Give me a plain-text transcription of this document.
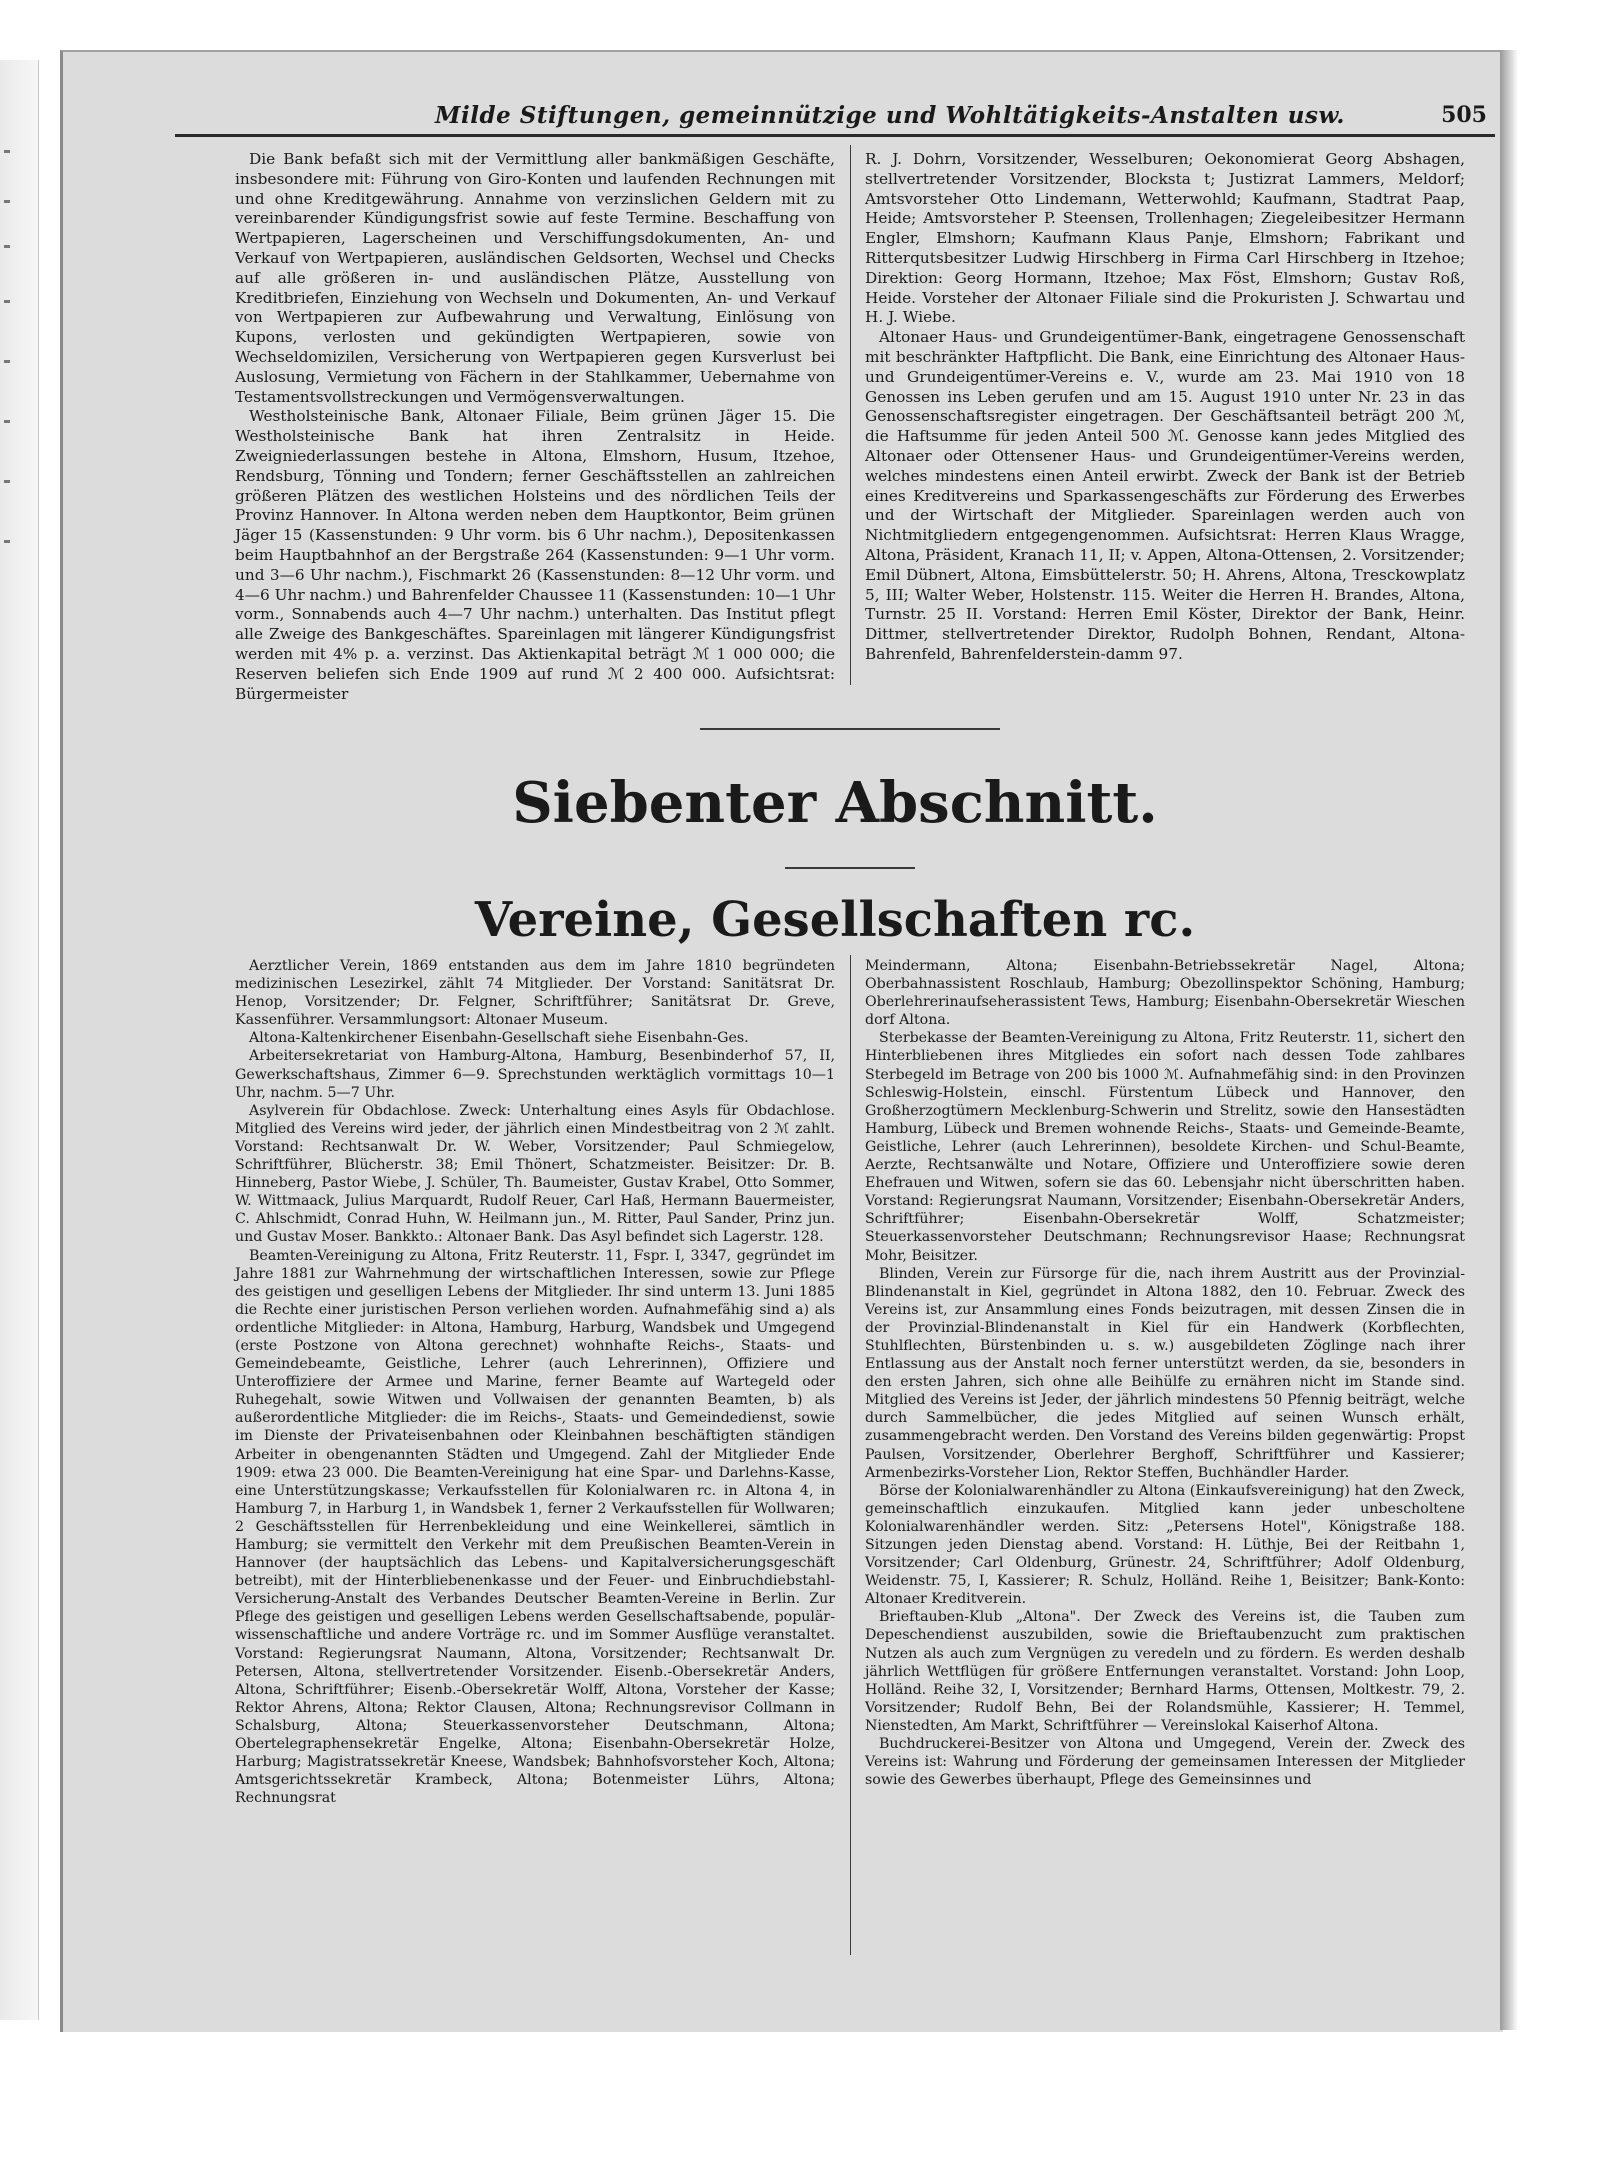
Milde Stiftungen, gemeinnützige und Wohltätigkeits-Anstalten usw.	505

Die Bank befaßt sich mit der Vermittlung aller bankmäßigen Geschäfte, insbesondere mit: Führung von Giro-Konten und laufenden Rechnungen mit und ohne Kreditgewährung. Annahme von verzinslichen Geldern mit zu vereinbarender Kündigungsfrist sowie auf feste Termine. Beschaffung von Wertpapieren, Lagerscheinen und Verschiffungsdokumenten, An- und Verkauf von Wertpapieren, ausländischen Geldsorten, Wechsel und Checks auf alle größeren in- und ausländischen Plätze, Ausstellung von Kreditbriefen, Einziehung von Wechseln und Dokumenten, An- und Verkauf von Wertpapieren zur Aufbewahrung und Verwaltung, Einlösung von Kupons, verlosten und gekündigten Wertpapieren, sowie von Wechseldomizilen, Versicherung von Wertpapieren gegen Kursverlust bei Auslosung, Vermietung von Fächern in der Stahlkammer, Uebernahme von Testamentsvollstreckungen und Vermögensverwaltungen.

Westholsteinische Bank, Altonaer Filiale, Beim grünen Jäger 15. Die Westholsteinische Bank hat ihren Zentralsitz in Heide. Zweigniederlassungen bestehe in Altona, Elmshorn, Husum, Itzehoe, Rendsburg, Tönning und Tondern; ferner Geschäftsstellen an zahlreichen größeren Plätzen des westlichen Holsteins und des nördlichen Teils der Provinz Hannover. In Altona werden neben dem Hauptkontor, Beim grünen Jäger 15 (Kassenstunden: 9 Uhr vorm. bis 6 Uhr nachm.), Depositenkassen beim Hauptbahnhof an der Bergstraße 264 (Kassenstunden: 9—1 Uhr vorm. und 3—6 Uhr nachm.), Fischmarkt 26 (Kassenstunden: 8—12 Uhr vorm. und 4—6 Uhr nachm.) und Bahrenfelder Chaussee 11 (Kassenstunden: 10—1 Uhr vorm., Sonnabends auch 4—7 Uhr nachm.) unterhalten. Das Institut pflegt alle Zweige des Bankgeschäftes. Spareinlagen mit längerer Kündigungsfrist werden mit 4% p. a. verzinst. Das Aktienkapital beträgt ℳ 1 000 000; die Reserven beliefen sich Ende 1909 auf rund ℳ 2 400 000. Aufsichtsrat: Bürgermeister

R. J. Dohrn, Vorsitzender, Wesselburen; Oekonomierat Georg Abshagen, stellvertretender Vorsitzender, Blocksta t; Justizrat Lammers, Meldorf; Amtsvorsteher Otto Lindemann, Wetterwohld; Kaufmann, Stadtrat Paap, Heide; Amtsvorsteher P. Steensen, Trollenhagen; Ziegeleibesitzer Hermann Engler, Elmshorn; Kaufmann Klaus Panje, Elmshorn; Fabrikant und Ritterqutsbesitzer Ludwig Hirschberg in Firma Carl Hirschberg in Itzehoe; Direktion: Georg Hormann, Itzehoe; Max Föst, Elmshorn; Gustav Roß, Heide. Vorsteher der Altonaer Filiale sind die Prokuristen J. Schwartau und H. J. Wiebe.

Altonaer Haus- und Grundeigentümer-Bank, eingetragene Genossenschaft mit beschränkter Haftpflicht. Die Bank, eine Einrichtung des Altonaer Haus- und Grundeigentümer-Vereins e. V., wurde am 23. Mai 1910 von 18 Genossen ins Leben gerufen und am 15. August 1910 unter Nr. 23 in das Genossenschaftsregister eingetragen. Der Geschäftsanteil beträgt 200 ℳ, die Haftsumme für jeden Anteil 500 ℳ. Genosse kann jedes Mitglied des Altonaer oder Ottensener Haus- und Grundeigentümer-Vereins werden, welches mindestens einen Anteil erwirbt. Zweck der Bank ist der Betrieb eines Kreditvereins und Sparkassengeschäfts zur Förderung des Erwerbes und der Wirtschaft der Mitglieder. Spareinlagen werden auch von Nichtmitgliedern entgegengenommen. Aufsichtsrat: Herren Klaus Wragge, Altona, Präsident, Kranach 11, II; v. Appen, Altona-Ottensen, 2. Vorsitzender; Emil Dübnert, Altona, Eimsbüttelerstr. 50; H. Ahrens, Altona, Tresckowplatz 5, III; Walter Weber, Holstenstr. 115. Weiter die Herren H. Brandes, Altona, Turnstr. 25 II. Vorstand: Herren Emil Köster, Direktor der Bank, Heinr. Dittmer, stellvertretender Direktor, Rudolph Bohnen, Rendant, Altona-Bahrenfeld, Bahrenfelderstein-damm 97.

Siebenter Abschnitt.
Vereine, Gesellschaften rc.

Aerztlicher Verein, 1869 entstanden aus dem im Jahre 1810 begründeten medizinischen Lesezirkel, zählt 74 Mitglieder. Der Vorstand: Sanitätsrat Dr. Henop, Vorsitzender; Dr. Felgner, Schriftführer; Sanitätsrat Dr. Greve, Kassenführer. Versammlungsort: Altonaer Museum.

Altona-Kaltenkirchener Eisenbahn-Gesellschaft siehe Eisenbahn-Ges.

Arbeitersekretariat von Hamburg-Altona, Hamburg, Besenbinderhof 57, II, Gewerkschaftshaus, Zimmer 6—9. Sprechstunden werktäglich vormittags 10—1 Uhr, nachm. 5—7 Uhr.

Asylverein für Obdachlose. Zweck: Unterhaltung eines Asyls für Obdachlose. Mitglied des Vereins wird jeder, der jährlich einen Mindestbeitrag von 2 ℳ zahlt. Vorstand: Rechtsanwalt Dr. W. Weber, Vorsitzender; Paul Schmiegelow, Schriftführer, Blücherstr. 38; Emil Thönert, Schatzmeister. Beisitzer: Dr. B. Hinneberg, Pastor Wiebe, J. Schüler, Th. Baumeister, Gustav Krabel, Otto Sommer, W. Wittmaack, Julius Marquardt, Rudolf Reuer, Carl Haß, Hermann Bauermeister, C. Ahlschmidt, Conrad Huhn, W. Heilmann jun., M. Ritter, Paul Sander, Prinz jun. und Gustav Moser. Bankkto.: Altonaer Bank. Das Asyl befindet sich Lagerstr. 128.

Beamten-Vereinigung zu Altona, Fritz Reuterstr. 11, Fspr. I, 3347, gegründet im Jahre 1881 zur Wahrnehmung der wirtschaftlichen Interessen, sowie zur Pflege des geistigen und geselligen Lebens der Mitglieder. Ihr sind unterm 13. Juni 1885 die Rechte einer juristischen Person verliehen worden. Aufnahmefähig sind a) als ordentliche Mitglieder: in Altona, Hamburg, Harburg, Wandsbek und Umgegend (erste Postzone von Altona gerechnet) wohnhafte Reichs-, Staats- und Gemeindebeamte, Geistliche, Lehrer (auch Lehrerinnen), Offiziere und Unteroffiziere der Armee und Marine, ferner Beamte auf Wartegeld oder Ruhegehalt, sowie Witwen und Vollwaisen der genannten Beamten, b) als außerordentliche Mitglieder: die im Reichs-, Staats- und Gemeindedienst, sowie im Dienste der Privateisenbahnen oder Kleinbahnen beschäftigten ständigen Arbeiter in obengenannten Städten und Umgegend. Zahl der Mitglieder Ende 1909: etwa 23 000. Die Beamten-Vereinigung hat eine Spar- und Darlehns-Kasse, eine Unterstützungskasse; Verkaufsstellen für Kolonialwaren rc. in Altona 4, in Hamburg 7, in Harburg 1, in Wandsbek 1, ferner 2 Verkaufsstellen für Wollwaren; 2 Geschäftsstellen für Herrenbekleidung und eine Weinkellerei, sämtlich in Hamburg; sie vermittelt den Verkehr mit dem Preußischen Beamten-Verein in Hannover (der hauptsächlich das Lebens- und Kapitalversicherungsgeschäft betreibt), mit der Hinterbliebenenkasse und der Feuer- und Einbruchdiebstahl-Versicherung-Anstalt des Verbandes Deutscher Beamten-Vereine in Berlin. Zur Pflege des geistigen und geselligen Lebens werden Gesellschaftsabende, populär-wissenschaftliche und andere Vorträge rc. und im Sommer Ausflüge veranstaltet. Vorstand: Regierungsrat Naumann, Altona, Vorsitzender; Rechtsanwalt Dr. Petersen, Altona, stellvertretender Vorsitzender. Eisenb.-Obersekretär Anders, Altona, Schriftführer; Eisenb.-Obersekretär Wolff, Altona, Vorsteher der Kasse; Rektor Ahrens, Altona; Rektor Clausen, Altona; Rechnungsrevisor Collmann in Schalsburg, Altona; Steuerkassenvorsteher Deutschmann, Altona; Obertelegraphensekretär Engelke, Altona; Eisenbahn-Obersekretär Holze, Harburg; Magistratssekretär Kneese, Wandsbek; Bahnhofsvorsteher Koch, Altona; Amtsgerichtssekretär Krambeck, Altona; Botenmeister Lührs, Altona; Rechnungsrat

Meindermann, Altona; Eisenbahn-Betriebssekretär Nagel, Altona; Oberbahnassistent Roschlaub, Hamburg; Obezollinspektor Schöning, Hamburg; Oberlehrerinaufseherassistent Tews, Hamburg; Eisenbahn-Obersekretär Wieschen dorf Altona.

Sterbekasse der Beamten-Vereinigung zu Altona, Fritz Reuterstr. 11, sichert den Hinterbliebenen ihres Mitgliedes ein sofort nach dessen Tode zahlbares Sterbegeld im Betrage von 200 bis 1000 ℳ. Aufnahmefähig sind: in den Provinzen Schleswig-Holstein, einschl. Fürstentum Lübeck und Hannover, den Großherzogtümern Mecklenburg-Schwerin und Strelitz, sowie den Hansestädten Hamburg, Lübeck und Bremen wohnende Reichs-, Staats- und Gemeinde-Beamte, Geistliche, Lehrer (auch Lehrerinnen), besoldete Kirchen- und Schul-Beamte, Aerzte, Rechtsanwälte und Notare, Offiziere und Unteroffiziere sowie deren Ehefrauen und Witwen, sofern sie das 60. Lebensjahr nicht überschritten haben. Vorstand: Regierungsrat Naumann, Vorsitzender; Eisenbahn-Obersekretär Anders, Schriftführer; Eisenbahn-Obersekretär Wolff, Schatzmeister; Steuerkassenvorsteher Deutschmann; Rechnungsrevisor Haase; Rechnungsrat Mohr, Beisitzer.

Blinden, Verein zur Fürsorge für die, nach ihrem Austritt aus der Provinzial-Blindenanstalt in Kiel, gegründet in Altona 1882, den 10. Februar. Zweck des Vereins ist, zur Ansammlung eines Fonds beizutragen, mit dessen Zinsen die in der Provinzial-Blindenanstalt in Kiel für ein Handwerk (Korbflechten, Stuhlflechten, Bürstenbinden u. s. w.) ausgebildeten Zöglinge nach ihrer Entlassung aus der Anstalt noch ferner unterstützt werden, da sie, besonders in den ersten Jahren, sich ohne alle Beihülfe zu ernähren nicht im Stande sind. Mitglied des Vereins ist Jeder, der jährlich mindestens 50 Pfennig beiträgt, welche durch Sammelbücher, die jedes Mitglied auf seinen Wunsch erhält, zusammengebracht werden. Den Vorstand des Vereins bilden gegenwärtig: Propst Paulsen, Vorsitzender, Oberlehrer Berghoff, Schriftführer und Kassierer; Armenbezirks-Vorsteher Lion, Rektor Steffen, Buchhändler Harder.

Börse der Kolonialwarenhändler zu Altona (Einkaufsvereinigung) hat den Zweck, gemeinschaftlich einzukaufen. Mitglied kann jeder unbescholtene Kolonialwarenhändler werden. Sitz: „Petersens Hotel", Königstraße 188. Sitzungen jeden Dienstag abend. Vorstand: H. Lüthje, Bei der Reitbahn 1, Vorsitzender; Carl Oldenburg, Grünestr. 24, Schriftführer; Adolf Oldenburg, Weidenstr. 75, I, Kassierer; R. Schulz, Holländ. Reihe 1, Beisitzer; Bank-Konto: Altonaer Kreditverein.

Brieftauben-Klub „Altona". Der Zweck des Vereins ist, die Tauben zum Depeschendienst auszubilden, sowie die Brieftaubenzucht zum praktischen Nutzen als auch zum Vergnügen zu veredeln und zu fördern. Es werden deshalb jährlich Wettflügen für größere Entfernungen veranstaltet. Vorstand: John Loop, Holländ. Reihe 32, I, Vorsitzender; Bernhard Harms, Ottensen, Moltkestr. 79, 2. Vorsitzender; Rudolf Behn, Bei der Rolandsmühle, Kassierer; H. Temmel, Nienstedten, Am Markt, Schriftführer — Vereinslokal Kaiserhof Altona.

Buchdruckerei-Besitzer von Altona und Umgegend, Verein der. Zweck des Vereins ist: Wahrung und Förderung der gemeinsamen Interessen der Mitglieder sowie des Gewerbes überhaupt, Pflege des Gemeinsinnes und
